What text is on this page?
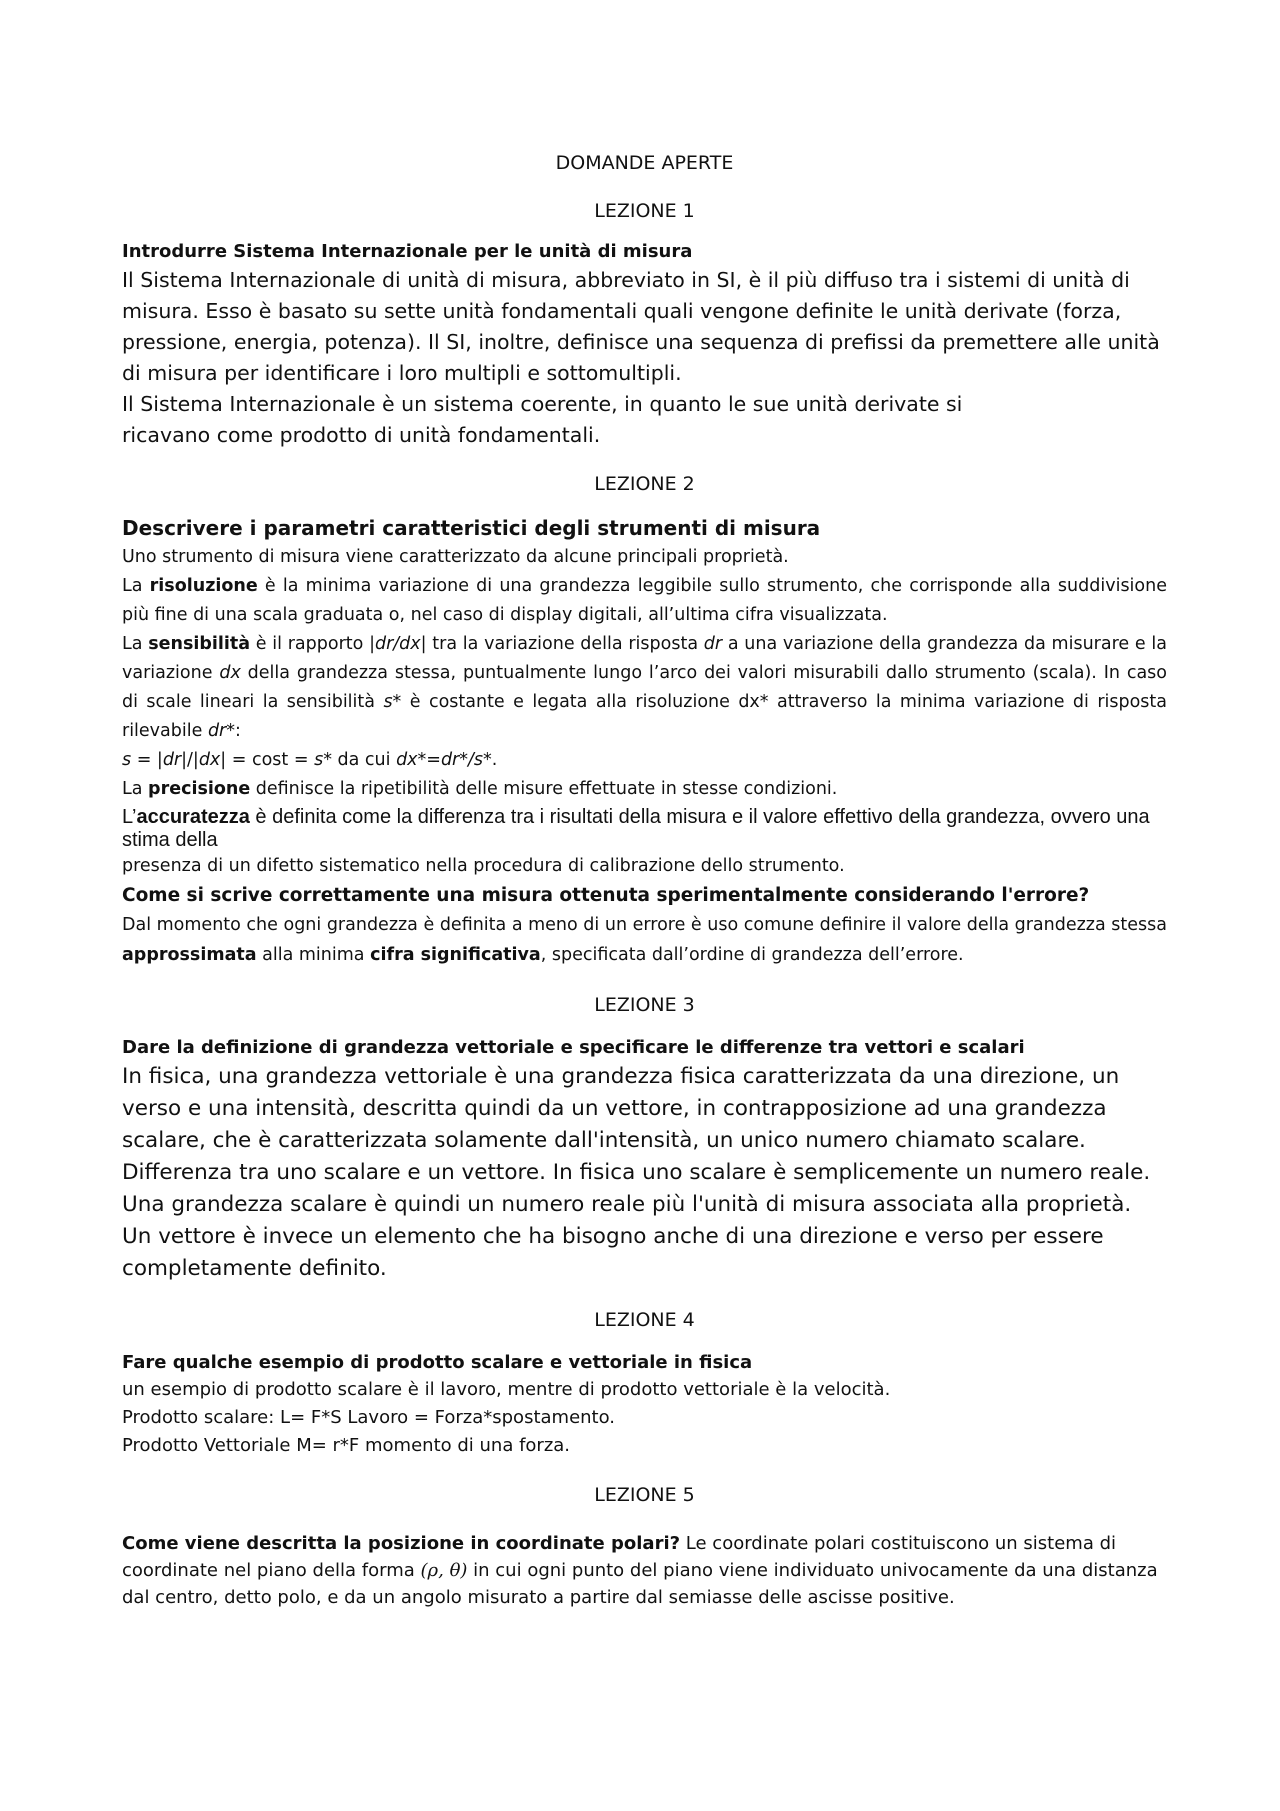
DOMANDE APERTE

LEZIONE 1

Introdurre Sistema Internazionale per le unità di misura

Il Sistema Internazionale di unità di misura, abbreviato in SI, è il più diffuso tra i sistemi di unità di misura. Esso è basato su sette unità fondamentali quali vengone definite le unità derivate (forza, pressione, energia, potenza). Il SI, inoltre, definisce una sequenza di prefissi da premettere alle unità di misura per identificare i loro multipli e sottomultipli.

Il Sistema Internazionale è un sistema coerente, in quanto le sue unità derivate si

ricavano come prodotto di unità fondamentali.

LEZIONE 2

Descrivere i parametri caratteristici degli strumenti di misura

Uno strumento di misura viene caratterizzato da alcune principali proprietà.

La risoluzione è la minima variazione di una grandezza leggibile sullo strumento, che corrisponde alla suddivisione più fine di una scala graduata o, nel caso di display digitali, all’ultima cifra visualizzata.

La sensibilità è il rapporto |dr/dx| tra la variazione della risposta dr a una variazione della grandezza da misurare e la variazione dx della grandezza stessa, puntualmente lungo l’arco dei valori misurabili dallo strumento (scala). In caso di scale lineari la sensibilità s* è costante e legata alla risoluzione dx* attraverso la minima variazione di risposta rilevabile dr*:

s = |dr|/|dx| = cost = s* da cui dx*=dr*/s*.

La precisione definisce la ripetibilità delle misure effettuate in stesse condizioni.

L’accuratezza è definita come la differenza tra i risultati della misura e il valore effettivo della grandezza, ovvero una stima della

presenza di un difetto sistematico nella procedura di calibrazione dello strumento.

Come si scrive correttamente una misura ottenuta sperimentalmente considerando l'errore?

Dal momento che ogni grandezza è definita a meno di un errore è uso comune definire il valore della grandezza stessa approssimata alla minima cifra significativa, specificata dall’ordine di grandezza dell’errore.

LEZIONE 3

Dare la definizione di grandezza vettoriale e specificare le differenze tra vettori e scalari

In fisica, una grandezza vettoriale è una grandezza fisica caratterizzata da una direzione, un verso e una intensità, descritta quindi da un vettore, in contrapposizione ad una grandezza scalare, che è caratterizzata solamente dall'intensità, un unico numero chiamato scalare. Differenza tra uno scalare e un vettore. In fisica uno scalare è semplicemente un numero reale. Una grandezza scalare è quindi un numero reale più l'unità di misura associata alla proprietà. Un vettore è invece un elemento che ha bisogno anche di una direzione e verso per essere completamente definito.

LEZIONE 4

Fare qualche esempio di prodotto scalare e vettoriale in fisica

un esempio di prodotto scalare è il lavoro, mentre di prodotto vettoriale è la velocità.

Prodotto scalare: L= F*S Lavoro = Forza*spostamento.

Prodotto Vettoriale M= r*F momento di una forza.

LEZIONE 5

Come viene descritta la posizione in coordinate polari? Le coordinate polari costituiscono un sistema di coordinate nel piano della forma (ρ, θ) in cui ogni punto del piano viene individuato univocamente da una distanza dal centro, detto polo, e da un angolo misurato a partire dal semiasse delle ascisse positive.
